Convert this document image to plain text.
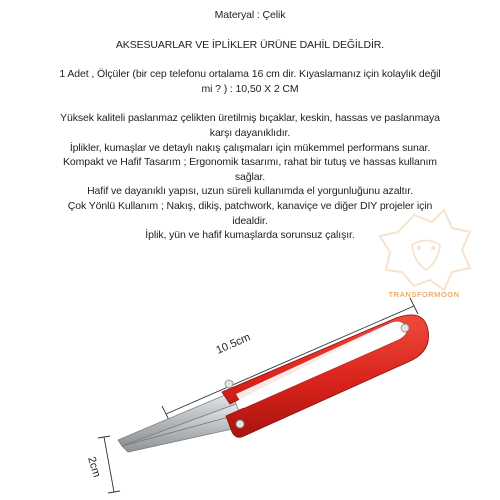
Materyal : Çelik

AKSESUARLAR VE İPLİKLER ÜRÜNE DAHİL DEĞİLDİR.

1 Adet , Ölçüler (bir cep telefonu ortalama 16 cm dir. Kıyaslamanız için kolaylık değil

mi ? ) : 10,50 X 2 CM

Yüksek kaliteli paslanmaz çelikten üretilmiş bıçaklar, keskin, hassas ve paslanmaya

karşı dayanıklıdır.

İplikler, kumaşlar ve detaylı nakış çalışmaları için mükemmel performans sunar.

Kompakt ve Hafif Tasarım ; Ergonomik tasarımı, rahat bir tutuş ve hassas kullanım

sağlar.

Hafif ve dayanıklı yapısı, uzun süreli kullanımda el yorgunluğunu azaltır.

Çok Yönlü Kullanım ; Nakış, dikiş, patchwork, kanaviçe ve diğer DIY projeler için

idealdir.

İplik, yün ve hafif kumaşlarda sorunsuz çalışır.

TRANSFORMOON
10.5cm
2cm
